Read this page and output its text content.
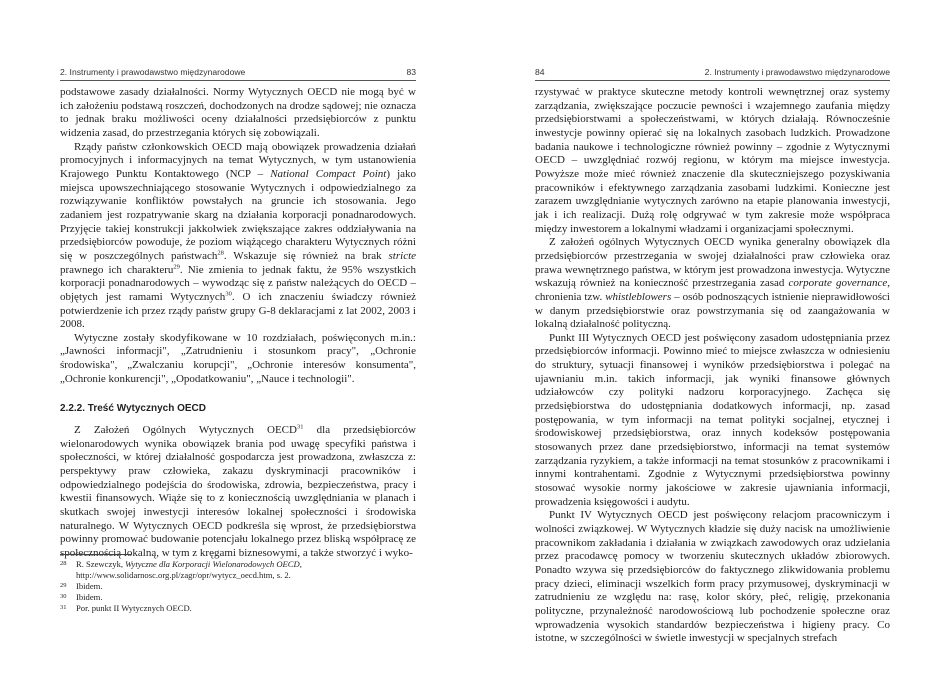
2. Instrumenty i prawodawstwo międzynarodowe	83

podstawowe zasady działalności. Normy Wytycznych OECD nie mogą być w ich założeniu podstawą roszczeń, dochodzonych na drodze sądowej; nie oznacza to jednak braku możliwości oceny działalności przedsiębiorców z punktu widzenia zasad, do przestrzegania których się zobowiązali.

Rządy państw członkowskich OECD mają obowiązek prowadzenia działań promocyjnych i informacyjnych na temat Wytycznych, w tym ustanowienia Krajowego Punktu Kontaktowego (NCP – National Compact Point) jako miejsca upowszechniającego stosowanie Wytycznych i odpowiedzialnego za rozwiązywanie konfliktów powstałych na gruncie ich stosowania. Jego zadaniem jest rozpatrywanie skarg na działania korporacji ponadnarodowych. Przyjęcie takiej konstrukcji jakkolwiek zwiększające zakres oddziaływania na przedsiębiorców powoduje, że poziom wiążącego charakteru Wytycznych różni się w poszczególnych państwach$^{28}$. Wskazuje się również na brak stricte prawnego ich charakteru$^{29}$. Nie zmienia to jednak faktu, że 95% wszystkich korporacji ponadnarodowych – wywodząc się z państw należących do OECD – objętych jest ramami Wytycznych$^{30}$. O ich znaczeniu świadczy również potwierdzenie ich przez rządy państw grupy G-8 deklaracjami z lat 2002, 2003 i 2008.

Wytyczne zostały skodyfikowane w 10 rozdziałach, poświęconych m.in.: „Jawności informacji", „Zatrudnieniu i stosunkom pracy", „Ochronie środowiska", „Zwalczaniu korupcji", „Ochronie interesów konsumenta", „Ochronie konkurencji", „Opodatkowaniu", „Nauce i technologii".

2.2.2. Treść Wytycznych OECD

Z Założeń Ogólnych Wytycznych OECD$^{31}$ dla przedsiębiorców wielonarodowych wynika obowiązek brania pod uwagę specyfiki państwa i społeczności, w której działalność gospodarcza jest prowadzona, zwłaszcza z: perspektywy praw człowieka, zakazu dyskryminacji pracowników i odpowiedzialnego podejścia do środowiska, zdrowia, bezpieczeństwa, pracy i kwestii finansowych. Wiąże się to z koniecznością uwzględniania w planach i skutkach swojej inwestycji interesów lokalnej społeczności i środowiska naturalnego. W Wytycznych OECD podkreśla się wprost, że przedsiębiorstwa powinny promować budowanie potencjału lokalnego przez bliską współpracę ze społecznością lokalną, w tym z kręgami biznesowymi, a także stworzyć i wyko-

28 R. Szewczyk, Wytyczne dla Korporacji Wielonarodowych OECD, http://www.solidarnosc.org.pl/zagr/opr/wytycz_oecd.htm, s. 2.

29 Ibidem.

30 Ibidem.

31 Por. punkt II Wytycznych OECD.

84	2. Instrumenty i prawodawstwo międzynarodowe

rzystywać w praktyce skuteczne metody kontroli wewnętrznej oraz systemy zarządzania, zwiększające poczucie pewności i wzajemnego zaufania między przedsiębiorstwami a społeczeństwami, w których działają. Równocześnie inwestycje powinny opierać się na lokalnych zasobach ludzkich. Prowadzone badania naukowe i technologiczne również powinny – zgodnie z Wytycznymi OECD – uwzględniać rozwój regionu, w którym ma miejsce inwestycja. Powyższe może mieć również znaczenie dla skuteczniejszego pozyskiwania pracowników i efektywnego zarządzania zasobami ludzkimi. Konieczne jest zarazem uwzględnianie wytycznych zarówno na etapie planowania inwestycji, jak i ich realizacji. Dużą rolę odgrywać w tym zakresie może współpraca między inwestorem a lokalnymi władzami i organizacjami społecznymi.

Z założeń ogólnych Wytycznych OECD wynika generalny obowiązek dla przedsiębiorców przestrzegania w swojej działalności praw człowieka oraz prawa wewnętrznego państwa, w którym jest prowadzona inwestycja. Wytyczne wskazują również na konieczność przestrzegania zasad corporate governance, chronienia tzw. whistleblowers – osób podnoszących istnienie nieprawidłowości w danym przedsiębiorstwie oraz powstrzymania się od zaangażowania w lokalną działalność polityczną.

Punkt III Wytycznych OECD jest poświęcony zasadom udostępniania przez przedsiębiorców informacji. Powinno mieć to miejsce zwłaszcza w odniesieniu do struktury, sytuacji finansowej i wyników przedsiębiorstwa i polegać na ujawnianiu m.in. takich informacji, jak wyniki finansowe głównych udziałowców czy polityki nadzoru korporacyjnego. Zachęca się przedsiębiorstwa do udostępniania dodatkowych informacji, np. zasad postępowania, w tym informacji na temat polityki socjalnej, etycznej i środowiskowej przedsiębiorstwa, oraz innych kodeksów postępowania stosowanych przez dane przedsiębiorstwo, informacji na temat systemów zarządzania ryzykiem, a także informacji na temat stosunków z pracownikami i innymi kontrahentami. Zgodnie z Wytycznymi przedsiębiorstwa powinny stosować wysokie normy jakościowe w zakresie ujawniania informacji, prowadzenia księgowości i audytu.

Punkt IV Wytycznych OECD jest poświęcony relacjom pracowniczym i wolności związkowej. W Wytycznych kładzie się duży nacisk na umożliwienie pracownikom zakładania i działania w związkach zawodowych oraz udzielania przez pracodawcę pomocy w tworzeniu skutecznych układów zbiorowych. Ponadto wzywa się przedsiębiorców do faktycznego zlikwidowania problemu pracy dzieci, eliminacji wszelkich form pracy przymusowej, dyskryminacji w zatrudnieniu ze względu na: rasę, kolor skóry, płeć, religię, przekonania polityczne, przynależność narodowościową lub pochodzenie społeczne oraz wprowadzenia wysokich standardów bezpieczeństwa i higieny pracy. Co istotne, w szczególności w świetle inwestycji w specjalnych strefach
